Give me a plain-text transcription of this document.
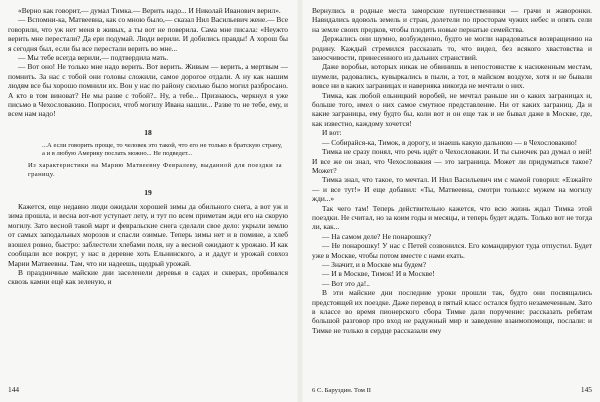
«Верно как говорит,— думал Тимка.— Верить надо... И Николай Иванович верил».

— Вспомни-ка, Матвеевна, как со мною было,— сказал Нил Васильевич жене.— Все говорили, что уж нет меня в живых, а ты вот не поверила. Сама мне писала: «Неужто верить мне перестали? Да ери подумай. Люди верили. И добились правды! А хорош бы я сегодня был, если бы все перестали верить во мне...

— Мы тебе всегда верили,— подтвердила мать.

— Вот оно! Не только мне надо верить. Вот верить. Живым — верить, а мертвым — помнить. За нас с тобой они головы сложили, самое дорогое отдали. А ну как нашим людям все бы хорошо помнили их. Вон у нас по району сколько было могил разбросано. А кто в том виноват? Не мы разве с тобой?.. Ну, а тебе... Признаюсь, черкнул я уже письмо в Чехословакию. Попросил, чтоб могилу Ивана нашли... Разве то не тебе, ему, и всем нам надо!

18
...А если говорить проще, то человек это такой, что его не только в братскую страну, а и в любую Америку послать можно... Не подведет...
Из характеристики на Марию Матвеевну Февралеву, выданной для поездки за границу.
19

Кажется, еще недавно люди ожидали хорошей зимы да обильного снега, а вот уж и зима прошла, и весна вот-вот уступает лету, и тут по всем приметам жди его на скорую могилу. Зато весной такой март и февральские снега сделали свое дело: укрыли землю от самых заподальных морозов и спасли озимые. Теперь зимы нет и в помине, а хлеб взошел ровно, быстро: заблестели хлебами поля, ну а весной ожидают к урожаю. И как сообщали все вокруг, у нас в деревне хоть Ельнинского, а и дадут и урожай совхоз Марии Матвеевны. Там, что ни надеешь, щедрый урожай.

В праздничные майские дни заселенели деревья в садах и скверах, пробивался сквозь камни ещё как зеленую, и

144

Вернулись в родные места заморские путешественники — грачи и жаворонки. Навидались вдоволь земель и стран, долетели по просторам чужих небес и опять сели на земле своих предков, чтобы плодить новые пернатые семейства.

Держались они шумно, возбужденно, будто не могли нарадоваться возвращению на родину. Каждый стремился рассказать то, что видел, без всякого хвастовства и заносчивости, принесенного из дальних странствий.

Даже воробьи, которых никак не обвинишь в непостоянстве к насиженным местам, шумели, радовались, кувыркались в пыли, а тот, в майском воздухе, хотя и не бывали вовсе ни в каких заграницах и наверняка никогда не мечтали о них.

Тимка, как любой ельницкий воробей, не мечтал раньше ни о каких заграницах и, больше того, имел о них самое смутное представление. Ни от каких заграниц. Да и какие заграницы, ему будто бы, коли вот и он еще так и не бывал даже в Москве, где, как известно, каждому хочется!

И вот:

— Собирайся-ка, Тимок, в дорогу, и знаешь какую дальнюю — в Чехословакию!

Тимка не сразу понял, что речь идёт о Чехословакии. И ты сыночек раз думал о ней! И все же он знал, что Чехословакия — это заграница. Может ли придуматься такое? Может?

Тимка знал, что такое, то мечтал. И Нил Васильевич им с мамой говорил: «Езжайте — и все тут!» И еще добавил: «Ты, Матвеевна, смотри только:с мужем на могилу жди...»

Так чего там! Теперь действительно кажется, что всю жизнь ждал Тимка этой поездки. Не считал, но за коим годы и месяцы, и теперь будет ждать. Только вот не тогда ли, как...

— На самом деле? Не понарошку?

— Не понарошку! У нас с Петей созвонился. Его командируют туда отпустил. Будет уже в Москве, чтобы потом вместе с нами ехать.

— Значит, и в Москве мы будем?

— И в Москве, Тимок! И в Москве!

— Вот это да!..

В эти майские дни последние уроки прошли так, будто они посвящались предстоящей их поездке. Даже перевод в пятый класс остался будто незамеченным. Зато в классе во время пионерского сбора Тимке дали поручение: рассказать ребятам большой разговор про вход не радужный мир и заведение взаимопомощи, послали: и Тимке не только в сердце рассказали ему

6 С. Баруздин. Том II	145
